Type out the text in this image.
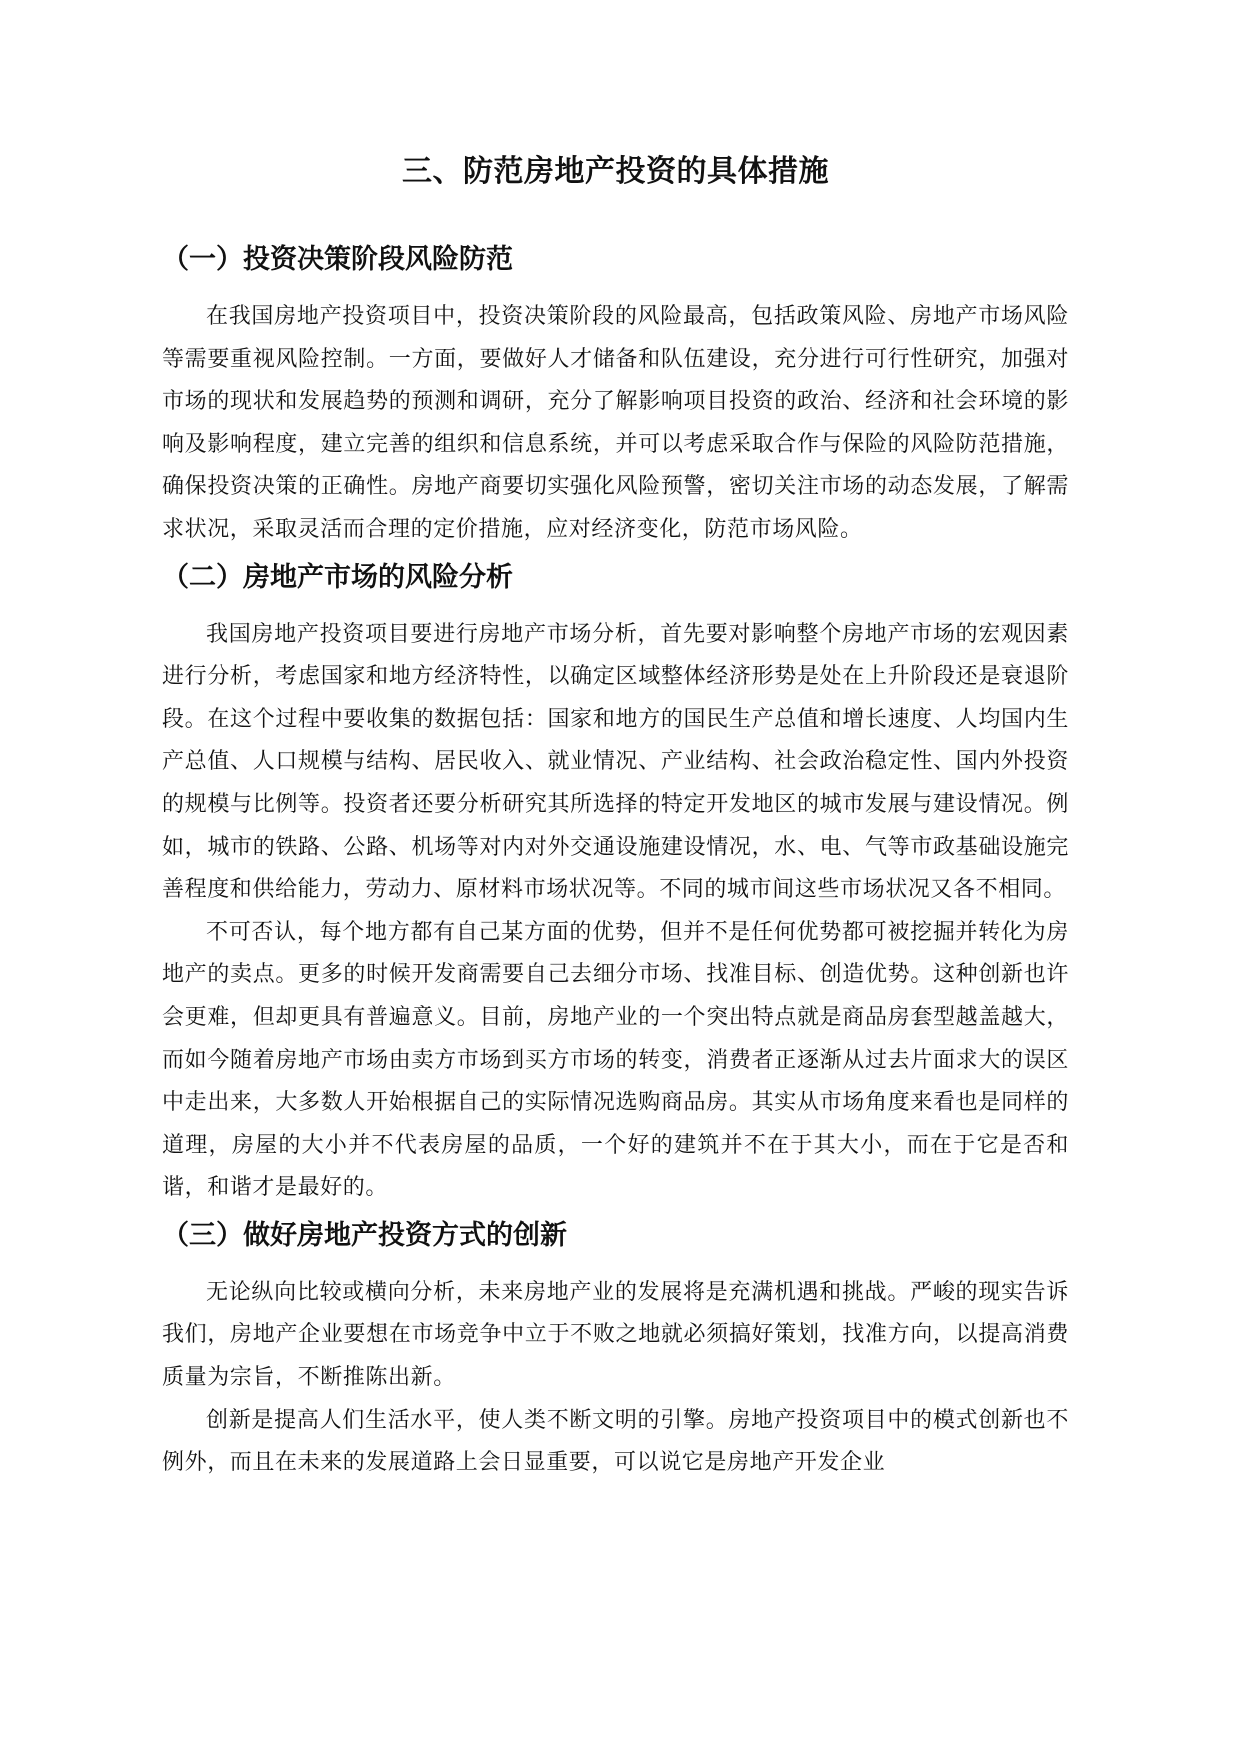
三、防范房地产投资的具体措施
（一）投资决策阶段风险防范

在我国房地产投资项目中，投资决策阶段的风险最高，包括政策风险、房地产市场风险等需要重视风险控制。一方面，要做好人才储备和队伍建设，充分进行可行性研究，加强对市场的现状和发展趋势的预测和调研，充分了解影响项目投资的政治、经济和社会环境的影响及影响程度，建立完善的组织和信息系统，并可以考虑采取合作与保险的风险防范措施，确保投资决策的正确性。房地产商要切实强化风险预警，密切关注市场的动态发展，了解需求状况，采取灵活而合理的定价措施，应对经济变化，防范市场风险。

（二）房地产市场的风险分析

我国房地产投资项目要进行房地产市场分析，首先要对影响整个房地产市场的宏观因素进行分析，考虑国家和地方经济特性，以确定区域整体经济形势是处在上升阶段还是衰退阶段。在这个过程中要收集的数据包括：国家和地方的国民生产总值和增长速度、人均国内生产总值、人口规模与结构、居民收入、就业情况、产业结构、社会政治稳定性、国内外投资的规模与比例等。投资者还要分析研究其所选择的特定开发地区的城市发展与建设情况。例如，城市的铁路、公路、机场等对内对外交通设施建设情况，水、电、气等市政基础设施完善程度和供给能力，劳动力、原材料市场状况等。不同的城市间这些市场状况又各不相同。

不可否认，每个地方都有自己某方面的优势，但并不是任何优势都可被挖掘并转化为房地产的卖点。更多的时候开发商需要自己去细分市场、找准目标、创造优势。这种创新也许会更难，但却更具有普遍意义。目前，房地产业的一个突出特点就是商品房套型越盖越大，而如今随着房地产市场由卖方市场到买方市场的转变，消费者正逐渐从过去片面求大的误区中走出来，大多数人开始根据自己的实际情况选购商品房。其实从市场角度来看也是同样的道理，房屋的大小并不代表房屋的品质，一个好的建筑并不在于其大小，而在于它是否和谐，和谐才是最好的。

（三）做好房地产投资方式的创新

无论纵向比较或横向分析，未来房地产业的发展将是充满机遇和挑战。严峻的现实告诉我们，房地产企业要想在市场竞争中立于不败之地就必须搞好策划，找准方向，以提高消费质量为宗旨，不断推陈出新。

创新是提高人们生活水平，使人类不断文明的引擎。房地产投资项目中的模式创新也不例外，而且在未来的发展道路上会日显重要，可以说它是房地产开发企业
